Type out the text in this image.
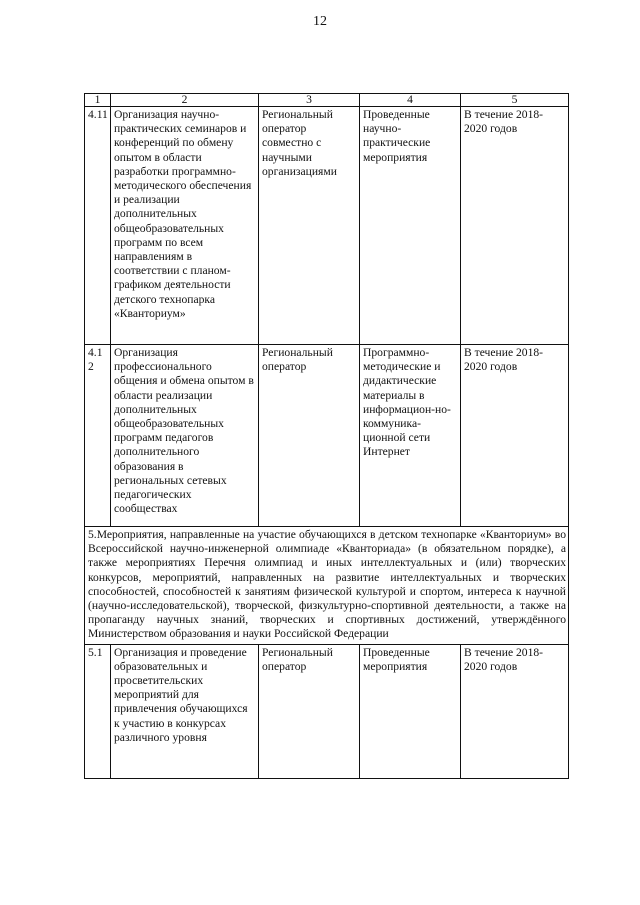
12
1	2	3	4	5
4.11	Организация научно-практических семинаров и конференций по обмену опытом в области разработки программно-методического обеспечения и реализации дополнительных общеобразовательных программ по всем направлениям в соответствии с планом-графиком деятельности детского технопарка «Кванториум»	Региональный оператор совместно с научными организациями	Проведенные научно-практические мероприятия	В течение 2018-2020 годов
4.12	Организация профессионального общения и обмена опытом в области реализации дополнительных общеобразовательных программ педагогов дополнительного образования в региональных сетевых педагогических сообществах	Региональный оператор	Программно-методические и дидактические материалы в информацион-но-коммуника-ционной сети Интернет	В течение 2018-2020 годов
5.Мероприятия, направленные на участие обучающихся в детском технопарке «Кванториум» во Всероссийской научно-инженерной олимпиаде «Кванториада» (в обязательном порядке), а также мероприятиях Перечня олимпиад и иных интеллектуальных и (или) творческих конкурсов, мероприятий, направленных на развитие интеллектуальных и творческих способностей, способностей к занятиям физической культурой и спортом, интереса к научной (научно-исследовательской), творческой, физкультурно-спортивной деятельности, а также на пропаганду научных знаний, творческих и спортивных достижений, утверждённого Министерством образования и науки Российской Федерации				
5.1	Организация и проведение образовательных и просветительских мероприятий для привлечения обучающихся к участию в конкурсах различного уровня	Региональный оператор	Проведенные мероприятия	В течение 2018-2020 годов
